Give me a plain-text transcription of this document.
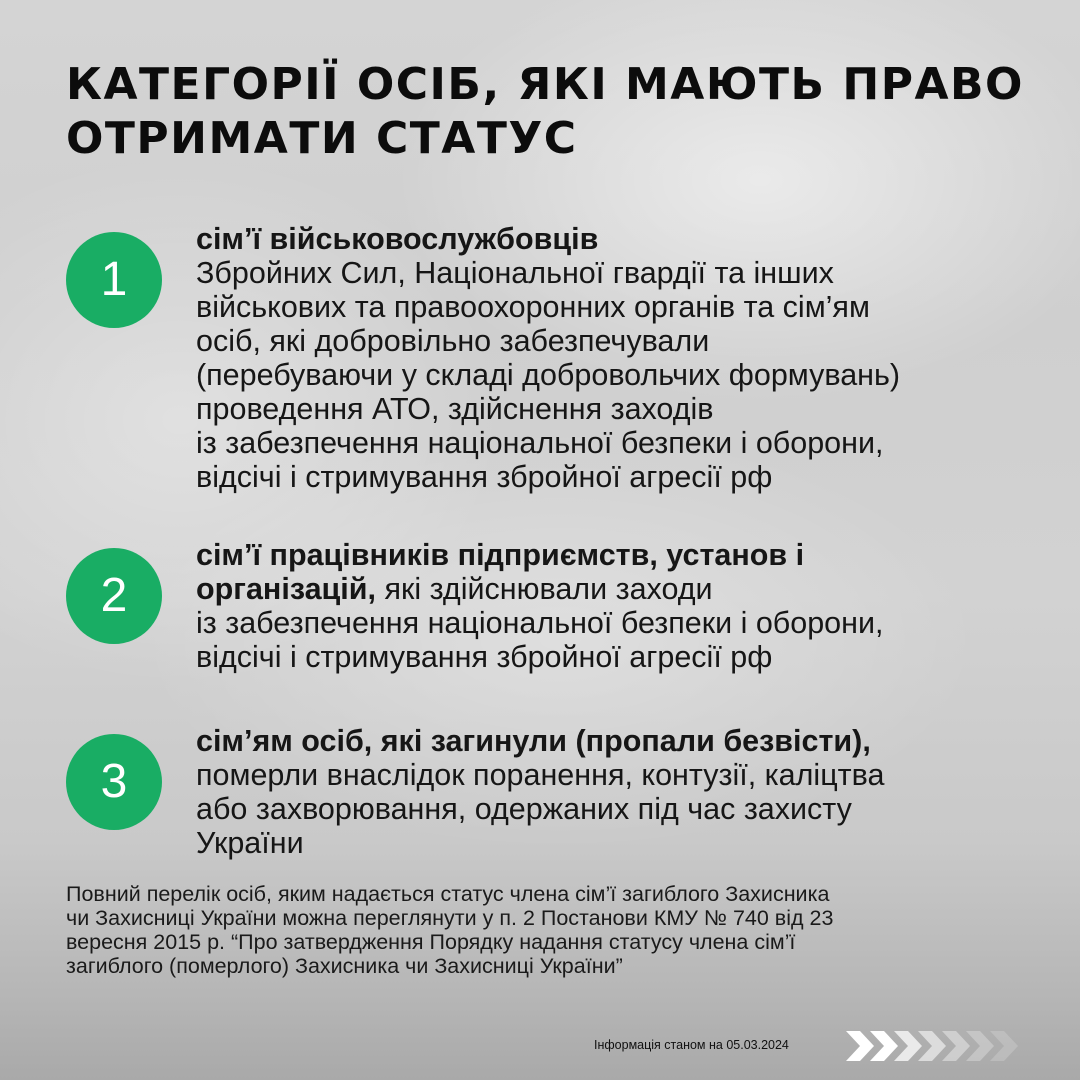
КАТЕГОРІЇ ОСІБ, ЯКІ МАЮТЬ ПРАВО
ОТРИМАТИ СТАТУС
1
сім’ї військовослужбовців
Збройних Сил, Національної гвардії та інших
військових та правоохоронних органів та сім’ям
осіб, які добровільно забезпечували
(перебуваючи у складі добровольчих формувань)
проведення АТО, здійснення заходів
із забезпечення національної безпеки і оборони,
відсічі і стримування збройної агресії рф
2
сім’ї працівників підприємств, установ і
організацій, які здійснювали заходи
із забезпечення національної безпеки і оборони,
відсічі і стримування збройної агресії рф
3
сім’ям осіб, які загинули (пропали безвісти),
померли внаслідок поранення, контузії, каліцтва
або захворювання, одержаних під час захисту
України
Повний перелік осіб, яким надається статус члена сім’ї загиблого Захисника
чи Захисниці України можна переглянути у п. 2 Постанови КМУ № 740 від 23
вересня 2015 р. “Про затвердження Порядку надання статусу члена сім’ї
загиблого (померлого) Захисника чи Захисниці України”
Інформація станом на 05.03.2024
